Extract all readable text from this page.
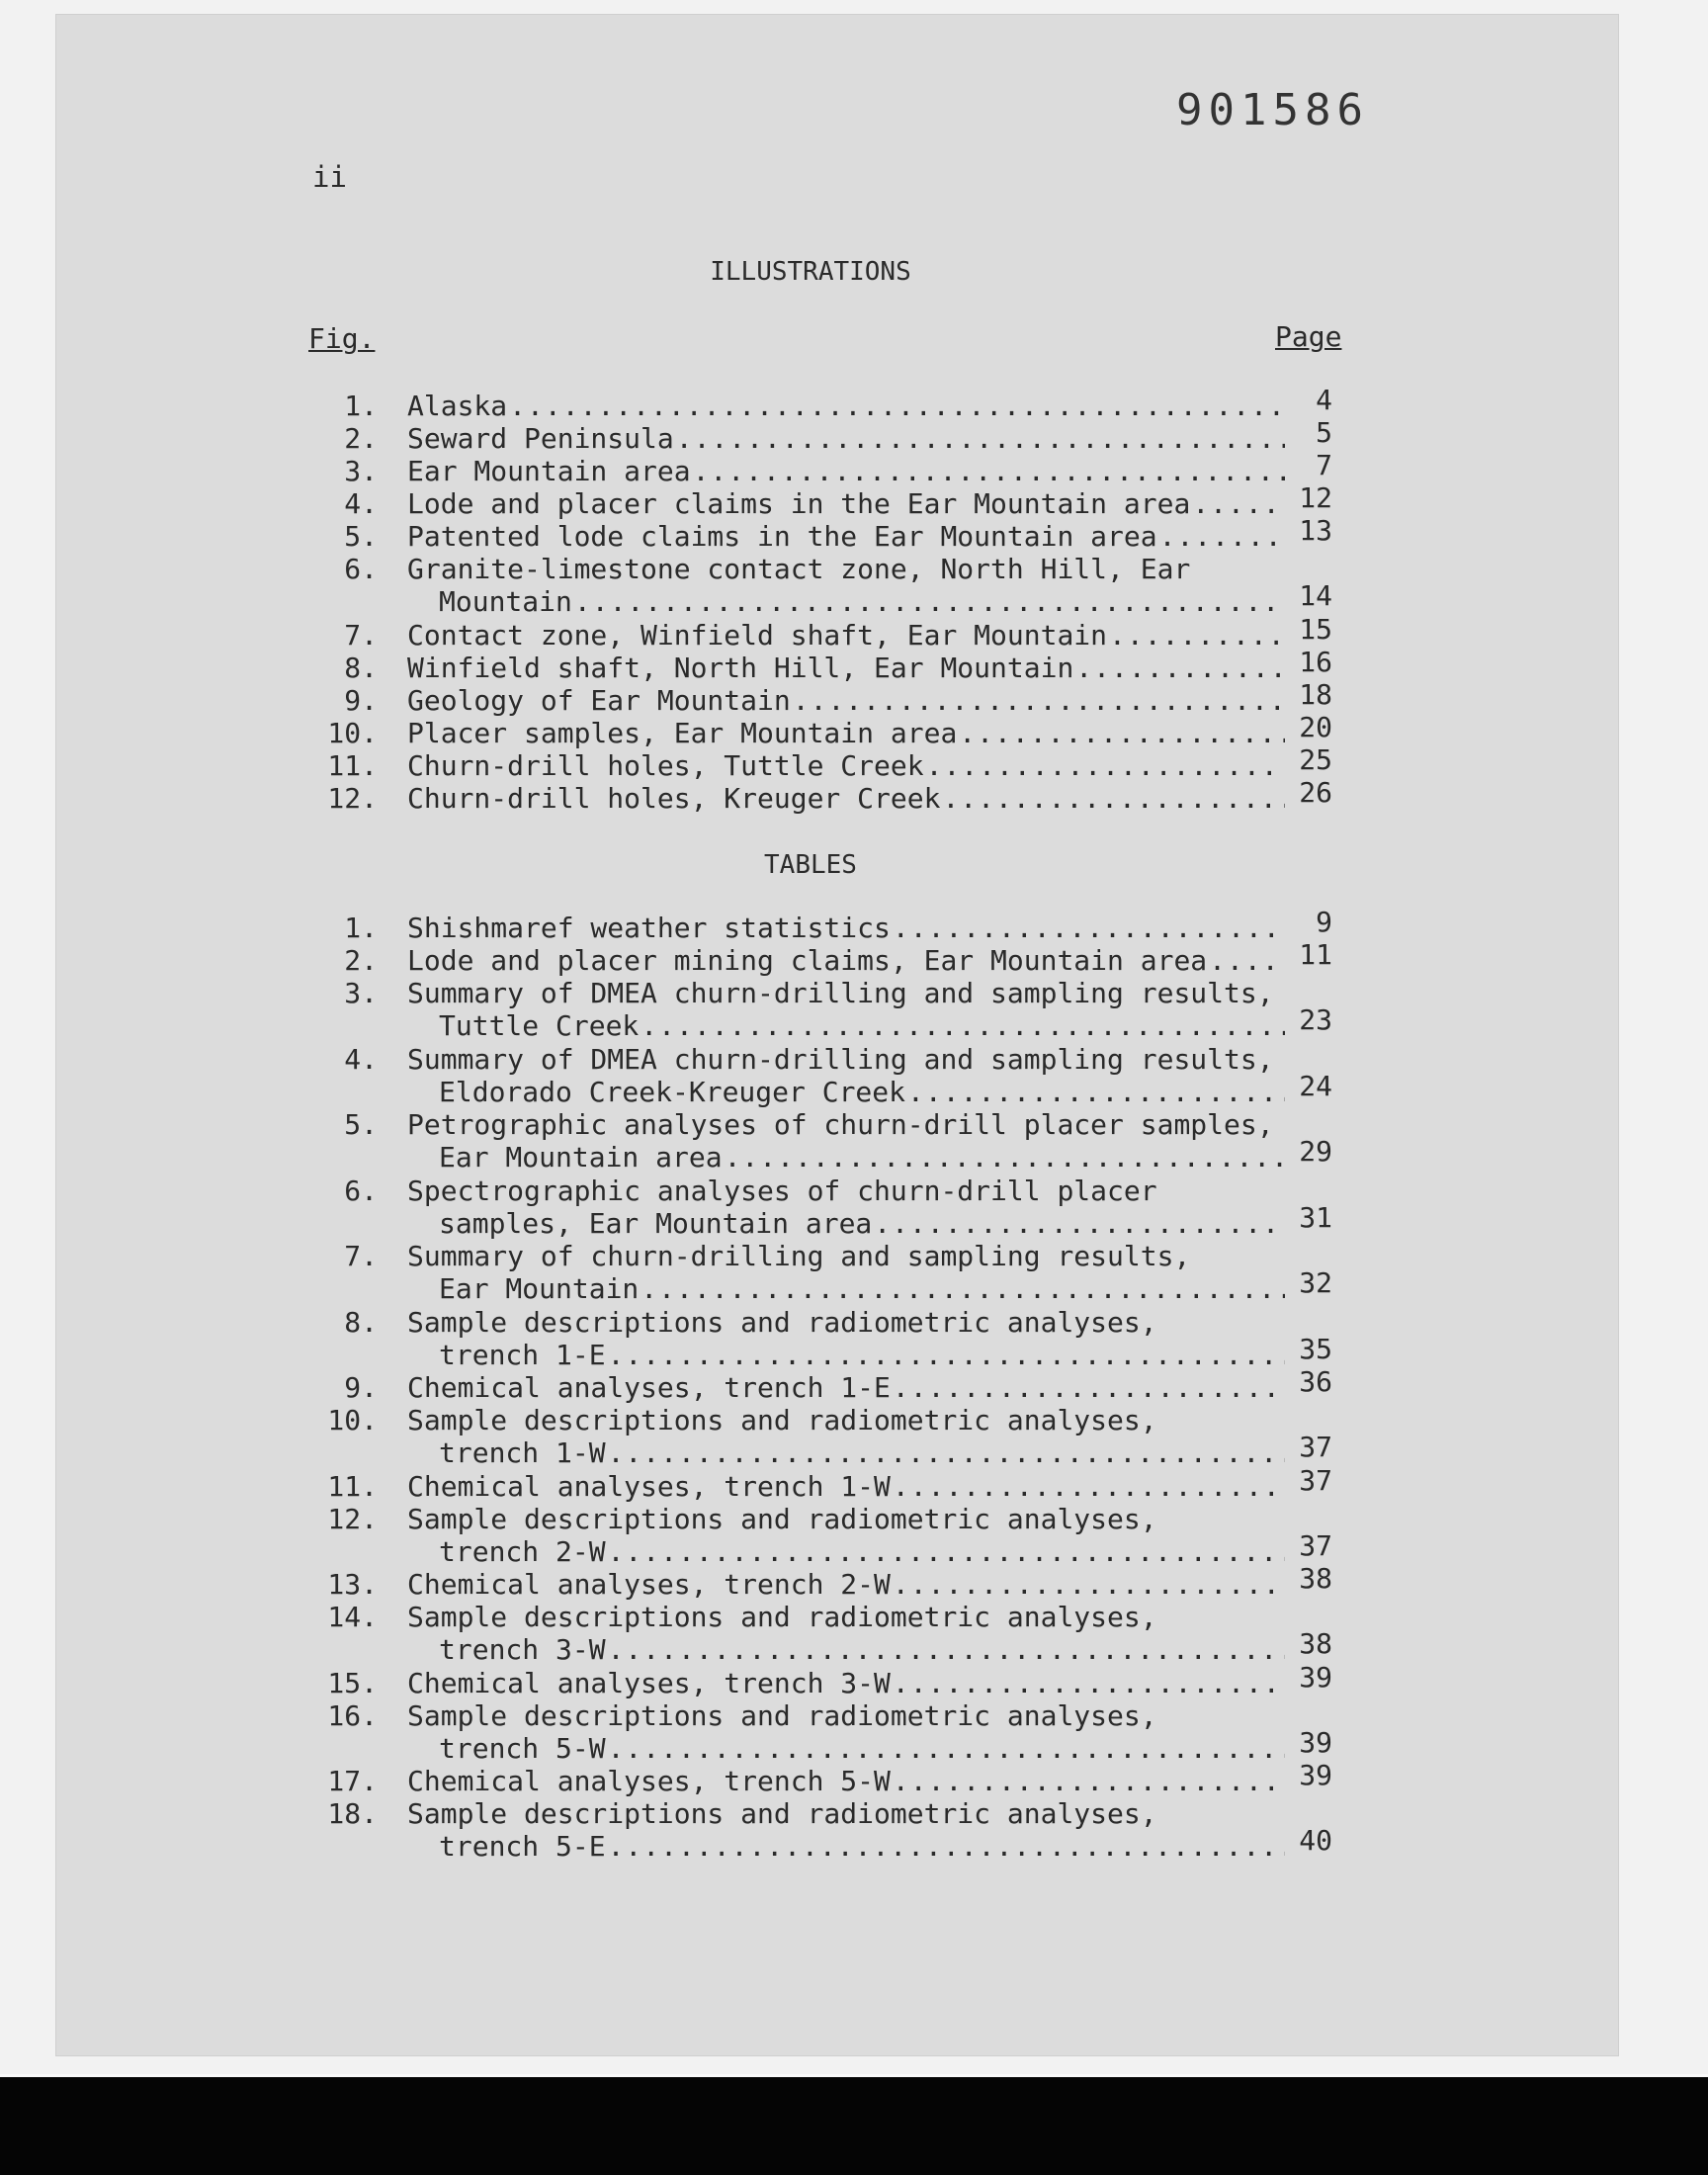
901586
ii
ILLUSTRATIONS
Fig.	Page
1. Alaska .....	4
2. Seward Peninsula .....	5
3. Ear Mountain area .....	7
4. Lode and placer claims in the Ear Mountain area .....	12
5. Patented lode claims in the Ear Mountain area .....	13
6. Granite-limestone contact zone, North Hill, Ear
Mountain .....	14
7. Contact zone, Winfield shaft, Ear Mountain .....	15
8. Winfield shaft, North Hill, Ear Mountain .....	16
9. Geology of Ear Mountain .....	18
10. Placer samples, Ear Mountain area .....	20
11. Churn-drill holes, Tuttle Creek .....	25
12. Churn-drill holes, Kreuger Creek .....	26
TABLES
1. Shishmaref weather statistics .....	9
2. Lode and placer mining claims, Ear Mountain area .....	11
3. Summary of DMEA churn-drilling and sampling results,
Tuttle Creek .....	23
4. Summary of DMEA churn-drilling and sampling results,
Eldorado Creek-Kreuger Creek .....	24
5. Petrographic analyses of churn-drill placer samples,
Ear Mountain area .....	29
6. Spectrographic analyses of churn-drill placer
samples, Ear Mountain area .....	31
7. Summary of churn-drilling and sampling results,
Ear Mountain .....	32
8. Sample descriptions and radiometric analyses,
trench 1-E .....	35
9. Chemical analyses, trench 1-E .....	36
10. Sample descriptions and radiometric analyses,
trench 1-W .....	37
11. Chemical analyses, trench 1-W .....	37
12. Sample descriptions and radiometric analyses,
trench 2-W .....	37
13. Chemical analyses, trench 2-W .....	38
14. Sample descriptions and radiometric analyses,
trench 3-W .....	38
15. Chemical analyses, trench 3-W .....	39
16. Sample descriptions and radiometric analyses,
trench 5-W .....	39
17. Chemical analyses, trench 5-W .....	39
18. Sample descriptions and radiometric analyses,
trench 5-E .....	40
